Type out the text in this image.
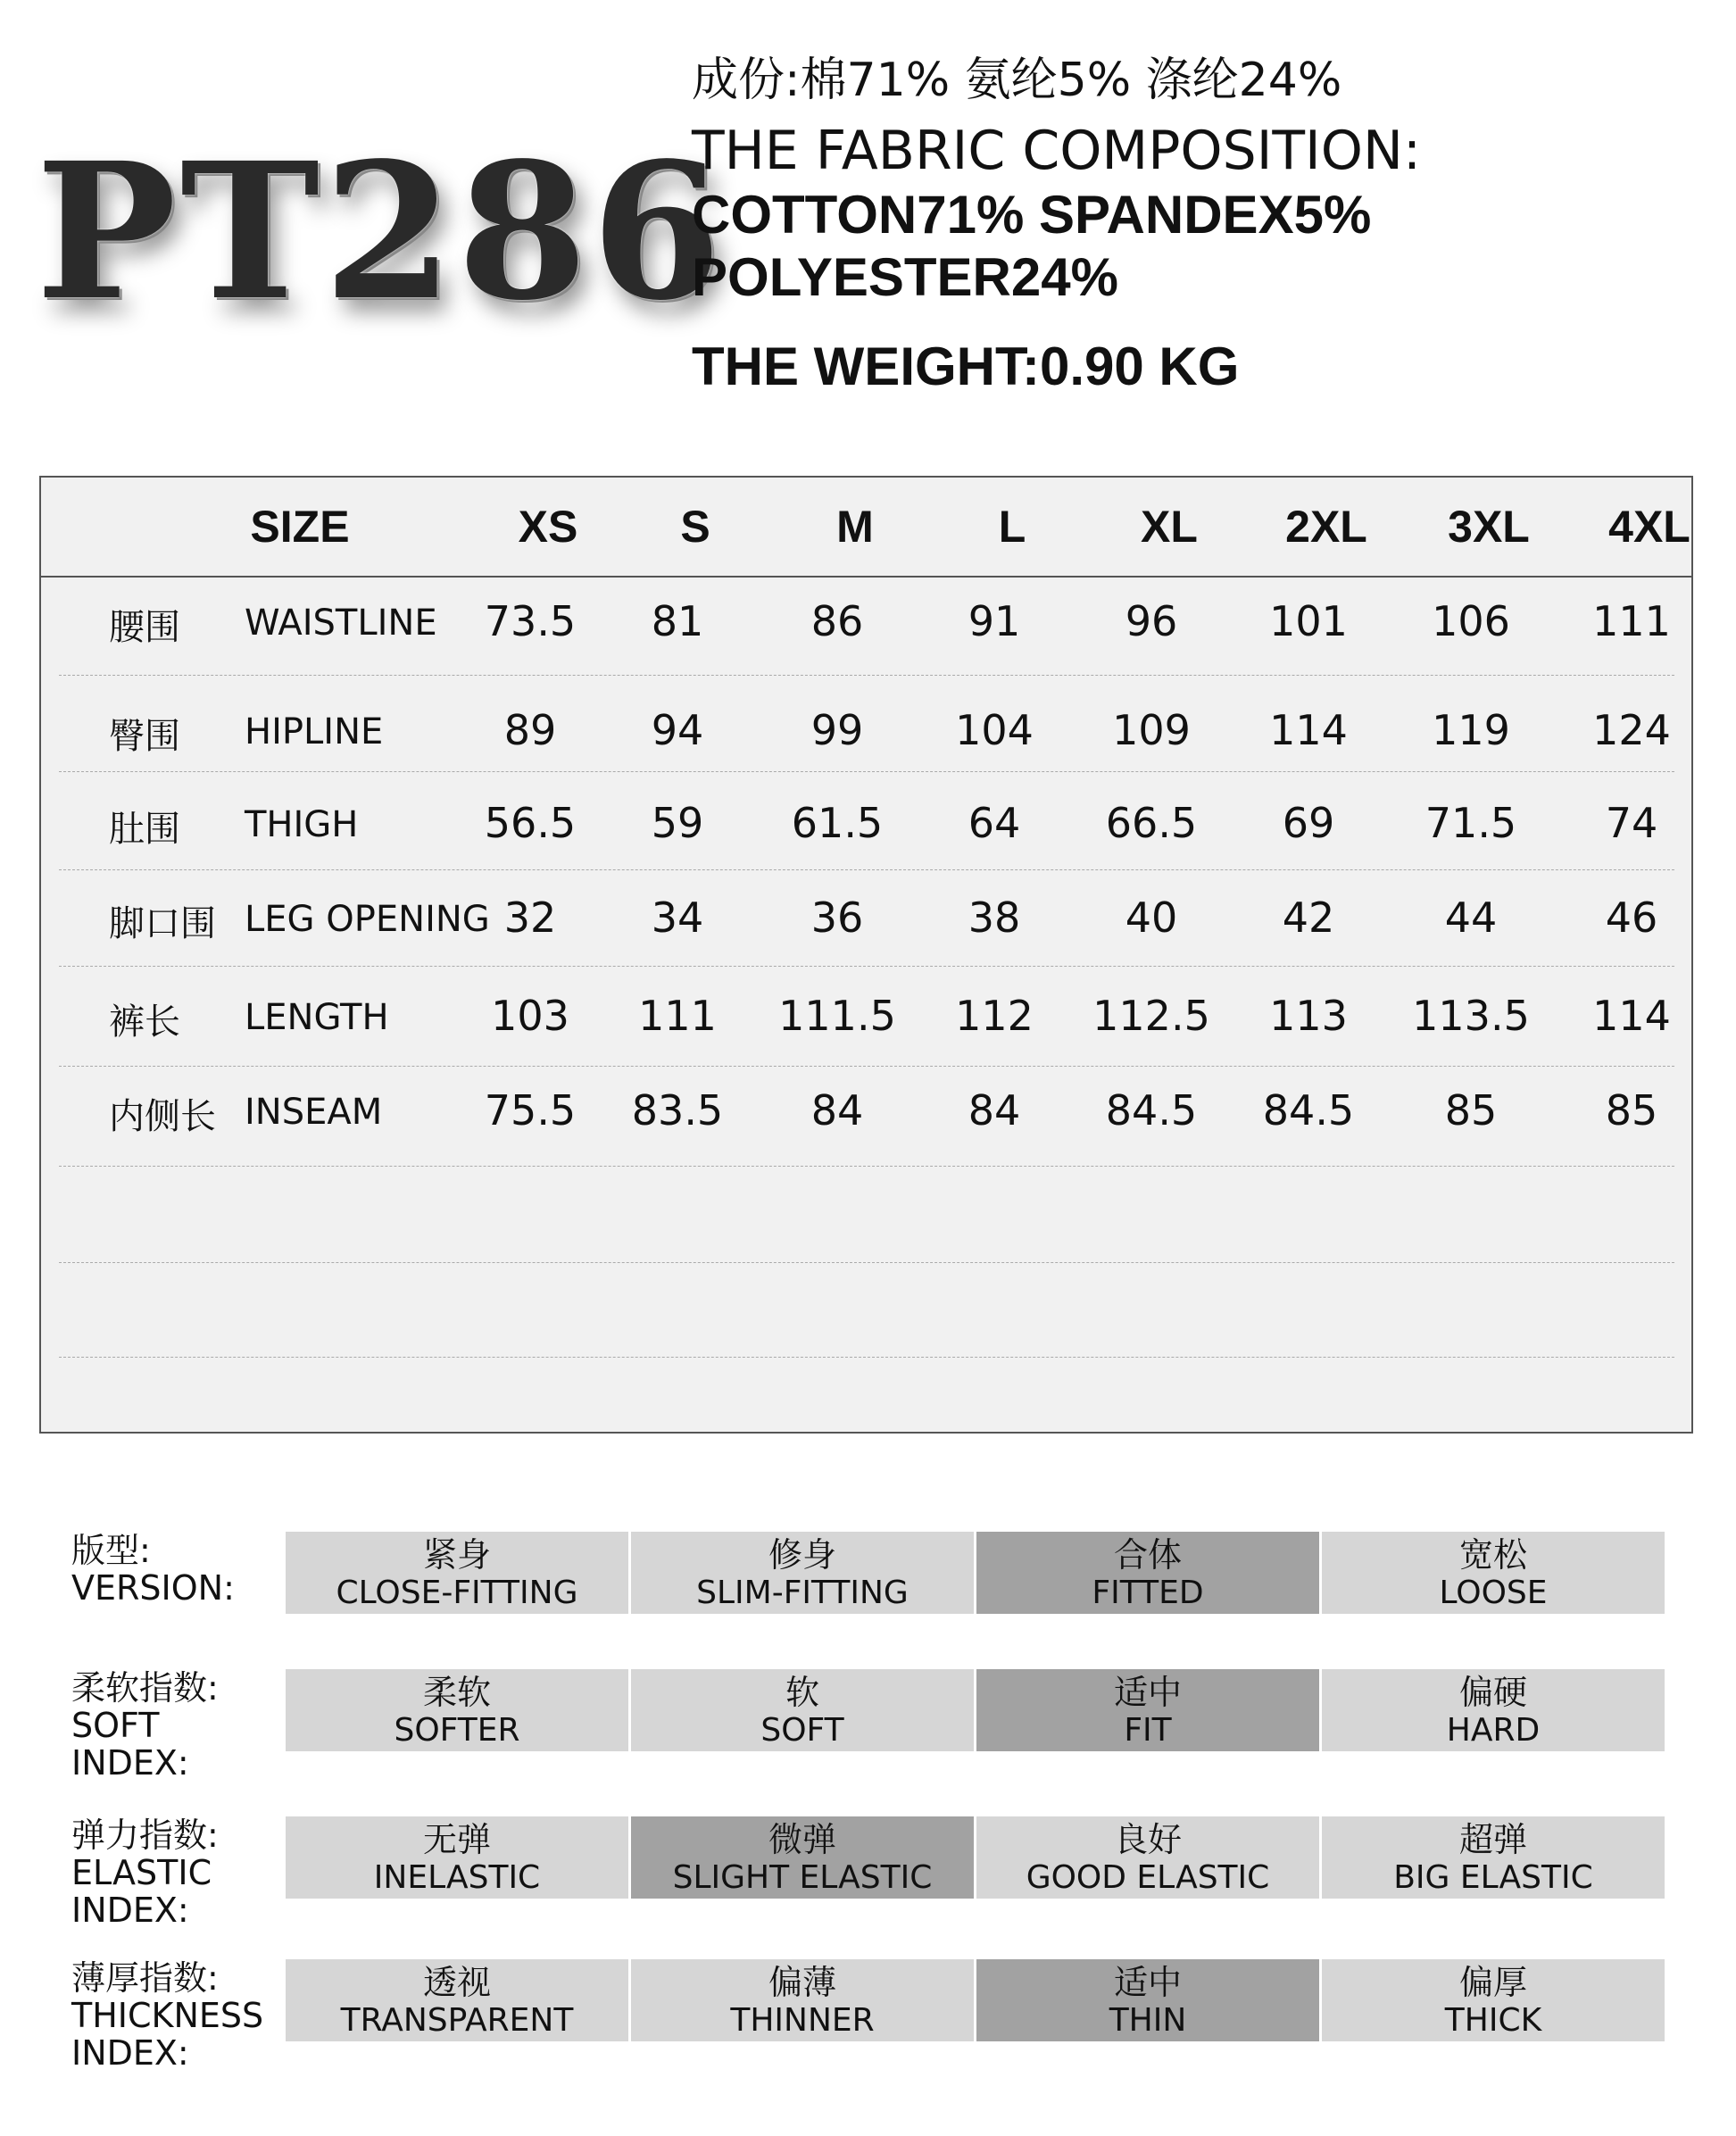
PT286
成份:棉71% 氨纶5% 涤纶24%
THE FABRIC COMPOSITION:
COTTON71% SPANDEX5%
POLYESTER24%
THE WEIGHT:0.90 KG
SIZE	XS	S	M	L	XL	2XL	3XL	4XL
腰围 WAISTLINE	73.5	81	86	91	96	101	106	111
臀围 HIPLINE	89	94	99	104	109	114	119	124
肚围 THIGH	56.5	59	61.5	64	66.5	69	71.5	74
脚口围 LEG OPENING 32	34	36	38	40	42	44	46
裤长 LENGTH	103	111	111.5	112	112.5	113	113.5	114
内侧长 INSEAM	75.5	83.5	84	84	84.5	84.5	85	85
版型:
VERSION:
紧身
CLOSE-FITTING
修身
SLIM-FITTING
合体
FITTED
宽松
LOOSE
柔软指数:
SOFT
INDEX:
柔软
SOFTER
软
SOFT
适中
FIT
偏硬
HARD
弹力指数:
ELASTIC
INDEX:
无弹
INELASTIC
微弹
SLIGHT ELASTIC
良好
GOOD ELASTIC
超弹
BIG ELASTIC
薄厚指数:
THICKNESS
INDEX:
透视
TRANSPARENT
偏薄
THINNER
适中
THIN
偏厚
THICK
